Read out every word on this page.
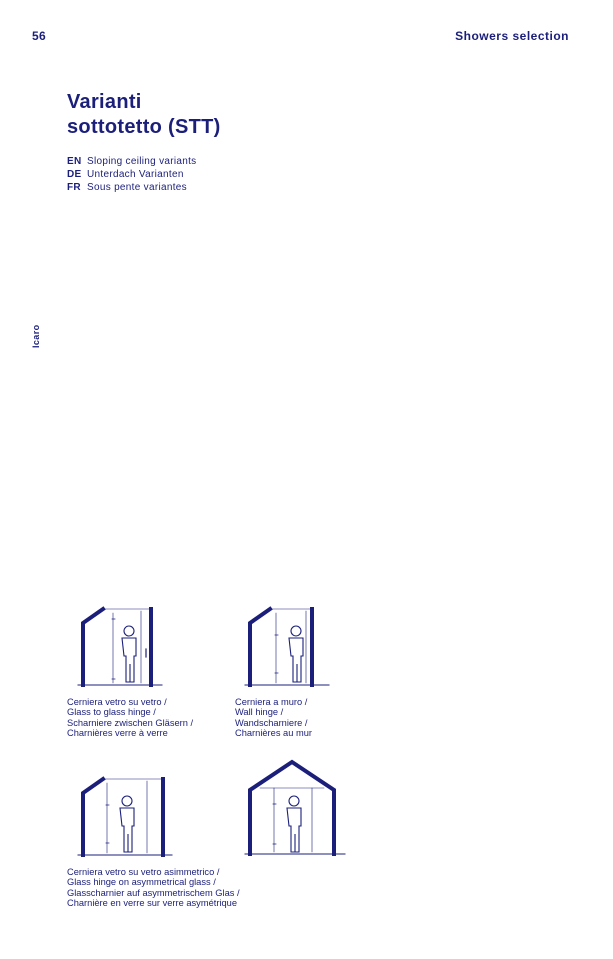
56	Showers selection
Varianti
sottotetto (STT)
EN Sloping ceiling variants
DE Unterdach Varianten
FR Sous pente variantes
Icaro
Cerniera vetro su vetro /
Glass to glass hinge /
Scharniere zwischen Gläsern /
Charnières verre à verre
Cerniera a muro /
Wall hinge /
Wandscharniere /
Charnières au mur
Cerniera vetro su vetro asimmetrico /
Glass hinge on asymmetrical glass /
Glasscharnier auf asymmetrischem Glas /
Charnière en verre sur verre asymétrique
